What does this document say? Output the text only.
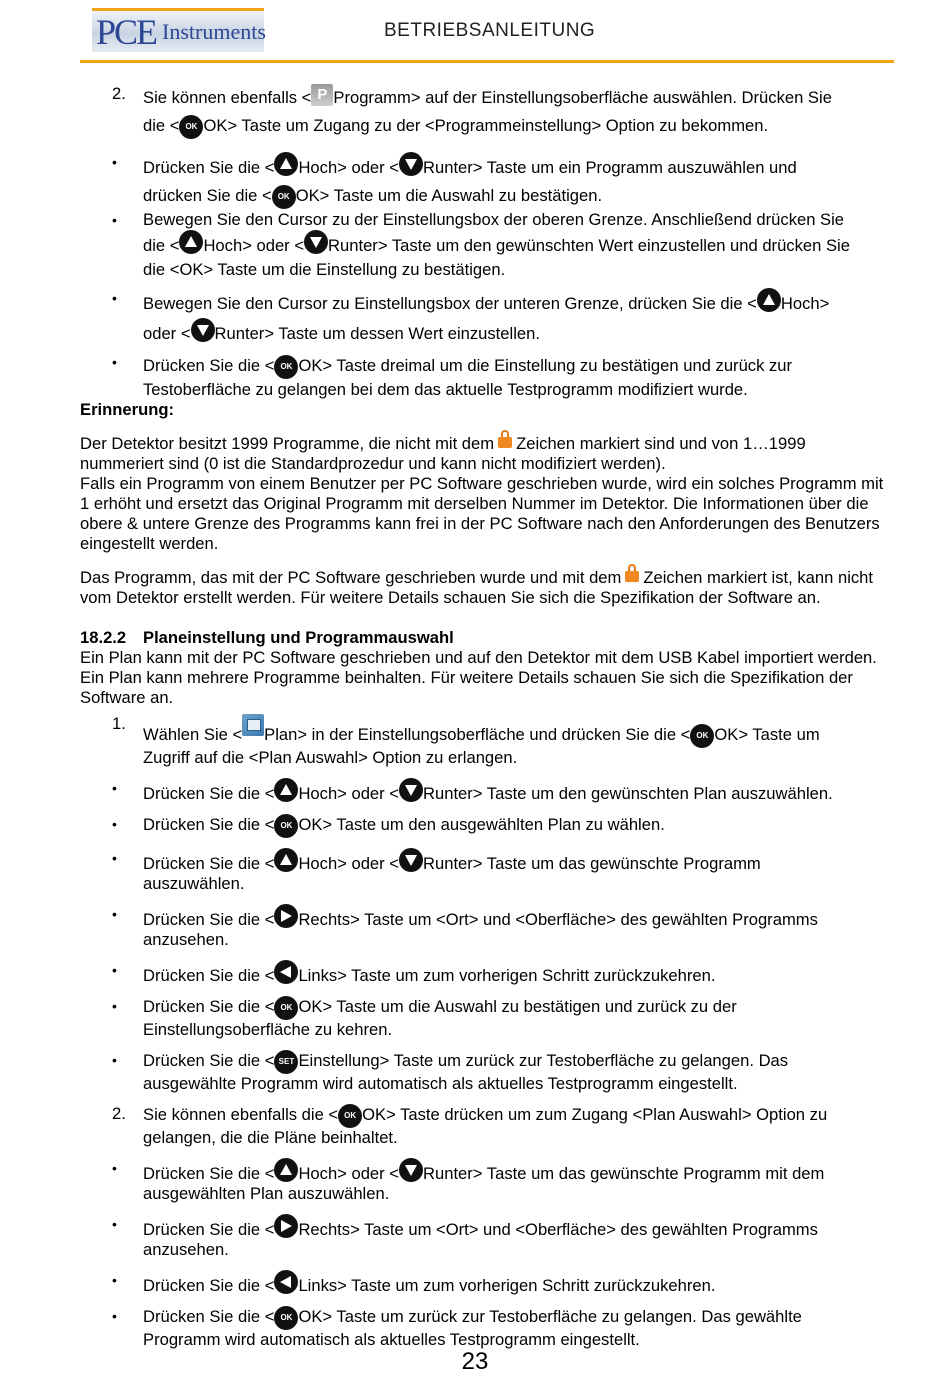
PCE Instruments	BETRIEBSANLEITUNG
2. Sie können ebenfalls < P Programm> auf der Einstellungsoberfläche auswählen. Drücken Sie
die < OK OK> Taste um Zugang zu der <Programmeinstellung> Option zu bekommen.
• Drücken Sie die < Hoch> oder < Runter> Taste um ein Programm auszuwählen und
drücken Sie die < OK OK> Taste um die Auswahl zu bestätigen.
• Bewegen Sie den Cursor zu der Einstellungsbox der oberen Grenze. Anschließend drücken Sie
die < Hoch> oder < Runter> Taste um den gewünschten Wert einzustellen und drücken Sie
die <OK> Taste um die Einstellung zu bestätigen.
• Bewegen Sie den Cursor zu Einstellungsbox der unteren Grenze, drücken Sie die < Hoch>
oder < Runter> Taste um dessen Wert einzustellen.
• Drücken Sie die < OK OK> Taste dreimal um die Einstellung zu bestätigen und zurück zur
Testoberfläche zu gelangen bei dem das aktuelle Testprogramm modifiziert wurde.
Erinnerung:
Der Detektor besitzt 1999 Programme, die nicht mit dem Zeichen markiert sind und von 1…1999
nummeriert sind (0 ist die Standardprozedur und kann nicht modifiziert werden).
Falls ein Programm von einem Benutzer per PC Software geschrieben wurde, wird ein solches Programm mit 1 erhöht und ersetzt das Original Programm mit derselben Nummer im Detektor. Die Informationen über die obere & untere Grenze des Programms kann frei in der PC Software nach den Anforderungen des Benutzers eingestellt werden.
Das Programm, das mit der PC Software geschrieben wurde und mit dem Zeichen markiert ist, kann nicht vom Detektor erstellt werden. Für weitere Details schauen Sie sich die Spezifikation der Software an.
18.2.2 Planeinstellung und Programmauswahl
Ein Plan kann mit der PC Software geschrieben und auf den Detektor mit dem USB Kabel importiert werden. Ein Plan kann mehrere Programme beinhalten. Für weitere Details schauen Sie sich die Spezifikation der Software an.
1.
Wählen Sie < Plan> in der Einstellungsoberfläche und drücken Sie die < OK OK> Taste um
Zugriff auf die <Plan Auswahl> Option zu erlangen.
• Drücken Sie die < Hoch> oder < Runter> Taste um den gewünschten Plan auszuwählen.
• Drücken Sie die < OK OK> Taste um den ausgewählten Plan zu wählen.
• Drücken Sie die < Hoch> oder < Runter> Taste um das gewünschte Programm
auszuwählen.
• Drücken Sie die < Rechts> Taste um <Ort> und <Oberfläche> des gewählten Programms
anzusehen.
• Drücken Sie die < Links> Taste um zum vorherigen Schritt zurückzukehren.
• Drücken Sie die < OK OK> Taste um die Auswahl zu bestätigen und zurück zu der
Einstellungsoberfläche zu kehren.
• Drücken Sie die < SET Einstellung> Taste um zurück zur Testoberfläche zu gelangen. Das
ausgewählte Programm wird automatisch als aktuelles Testprogramm eingestellt.
2. Sie können ebenfalls die < OK OK> Taste drücken um zum Zugang <Plan Auswahl> Option zu
gelangen, die die Pläne beinhaltet.
• Drücken Sie die < Hoch> oder < Runter> Taste um das gewünschte Programm mit dem
ausgewählten Plan auszuwählen.
• Drücken Sie die < Rechts> Taste um <Ort> und <Oberfläche> des gewählten Programms
anzusehen.
• Drücken Sie die < Links> Taste um zum vorherigen Schritt zurückzukehren.
• Drücken Sie die < OK OK> Taste um zurück zur Testoberfläche zu gelangen. Das gewählte
Programm wird automatisch als aktuelles Testprogramm eingestellt.
23
